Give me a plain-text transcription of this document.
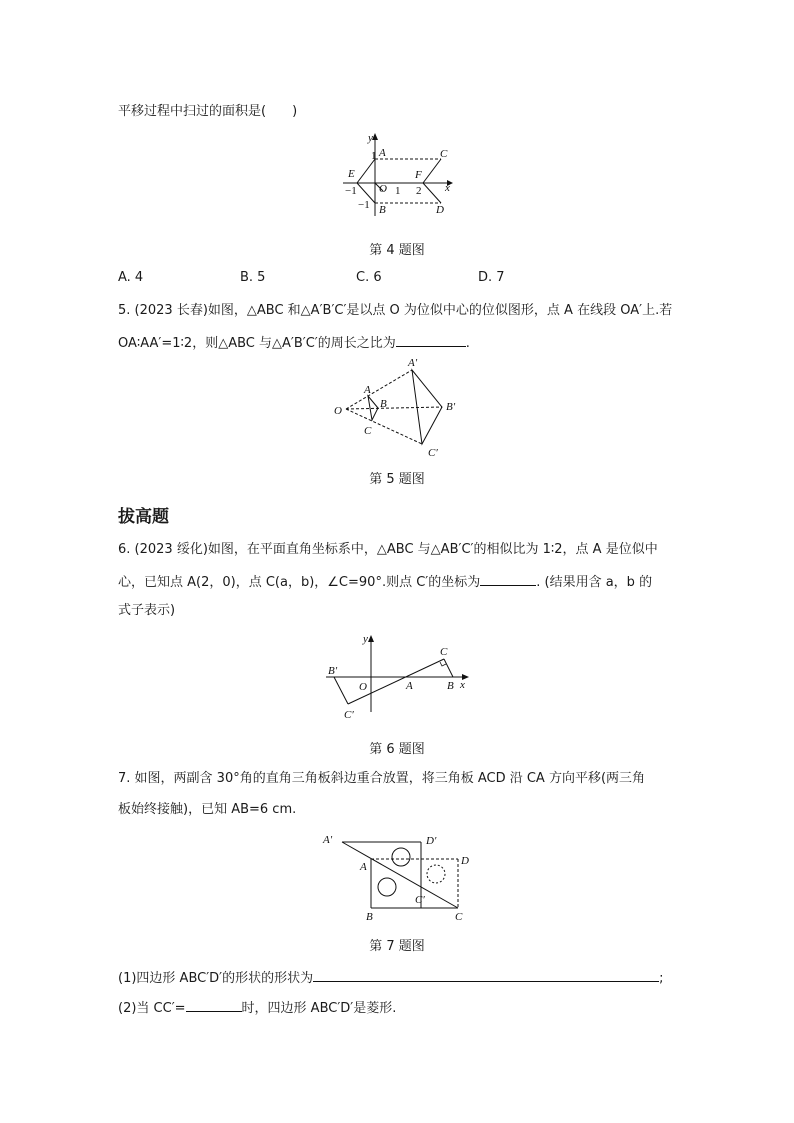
平移过程中扫过的面积是(　　)
y
x
A	C
E	F
O
B	D
1
−1	1 2
−1
第 4 题图
A. 4	B. 5	C. 6	D. 7
5. (2023 长春)如图，△ABC 和△A′B′C′是以点 O 为位似中心的位似图形，点 A 在线段 OA′上.若
OA∶AA′=1∶2，则△ABC 与△A′B′C′的周长之比为	.
O
A
B
C
A′
B′
C′
第 5 题图
拔高题
6. (2023 绥化)如图，在平面直角坐标系中，△ABC 与△AB′C′的相似比为 1∶2，点 A 是位似中
心，已知点 A(2，0)，点 C(a，b)，∠C=90°.则点 C′的坐标为	. (结果用含 a，b 的
式子表示)
y
x
O	A	B
C
B′
C′
第 6 题图
7. 如图，两副含 30°角的直角三角板斜边重合放置，将三角板 ACD 沿 CA 方向平移(两三角
板始终接触)，已知 AB=6 cm.
A′	D′
A	D
C′
B	C
第 7 题图
(1)四边形 ABC′D′的形状的形状为	;
(2)当 CC′=	时，四边形 ABC′D′是菱形.
